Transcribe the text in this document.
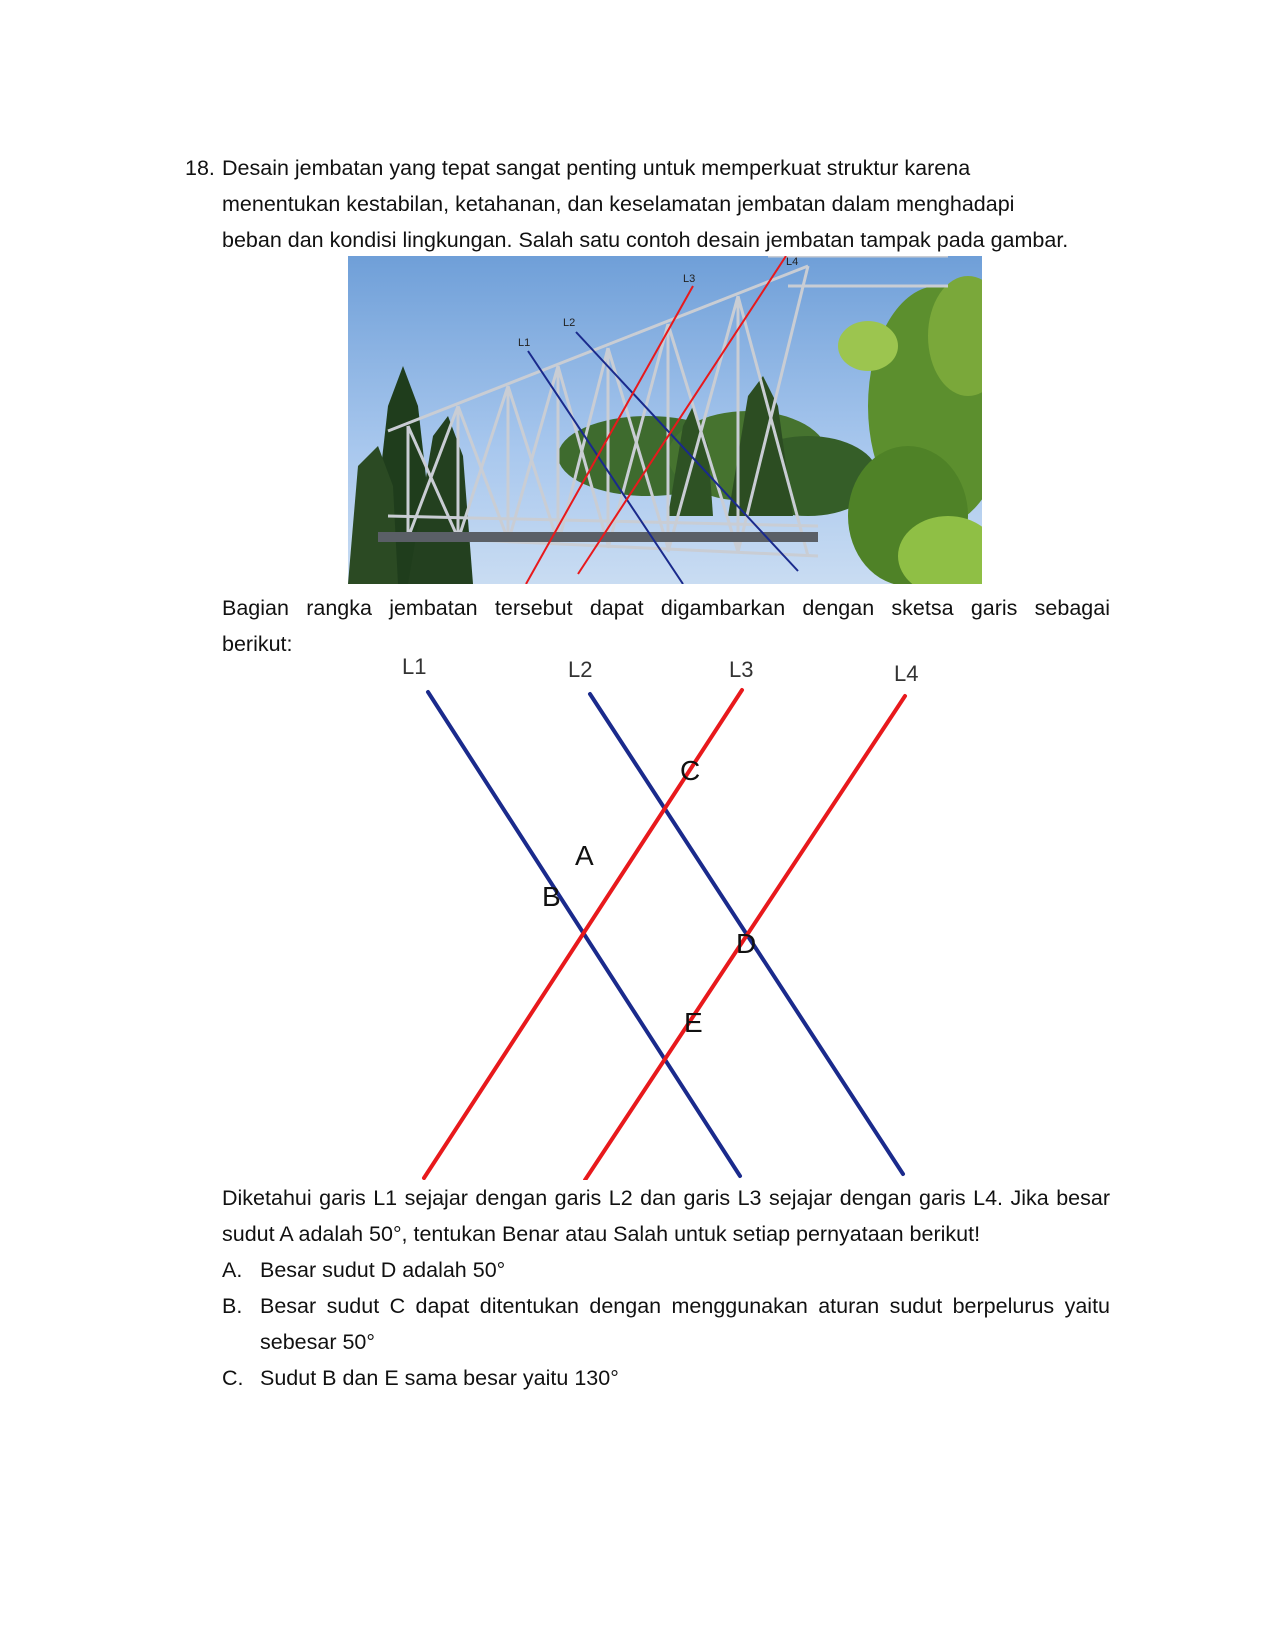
18. Desain jembatan yang tepat sangat penting untuk memperkuat struktur karena
menentukan kestabilan, ketahanan, dan keselamatan jembatan dalam menghadapi
beban dan kondisi lingkungan. Salah satu contoh desain jembatan tampak pada gambar.
L1
L2
L3
L4
Bagian rangka jembatan tersebut dapat digambarkan dengan sketsa garis sebagai
berikut:
L1	L2	L3	L4
C
A
B
D
E
Diketahui garis L1 sejajar dengan garis L2 dan garis L3 sejajar dengan garis L4. Jika besar
sudut A adalah 50°, tentukan Benar atau Salah untuk setiap pernyataan berikut!
A. Besar sudut D adalah 50°
B. Besar sudut C dapat ditentukan dengan menggunakan aturan sudut berpelurus yaitu
sebesar 50°
C. Sudut B dan E sama besar yaitu 130°
